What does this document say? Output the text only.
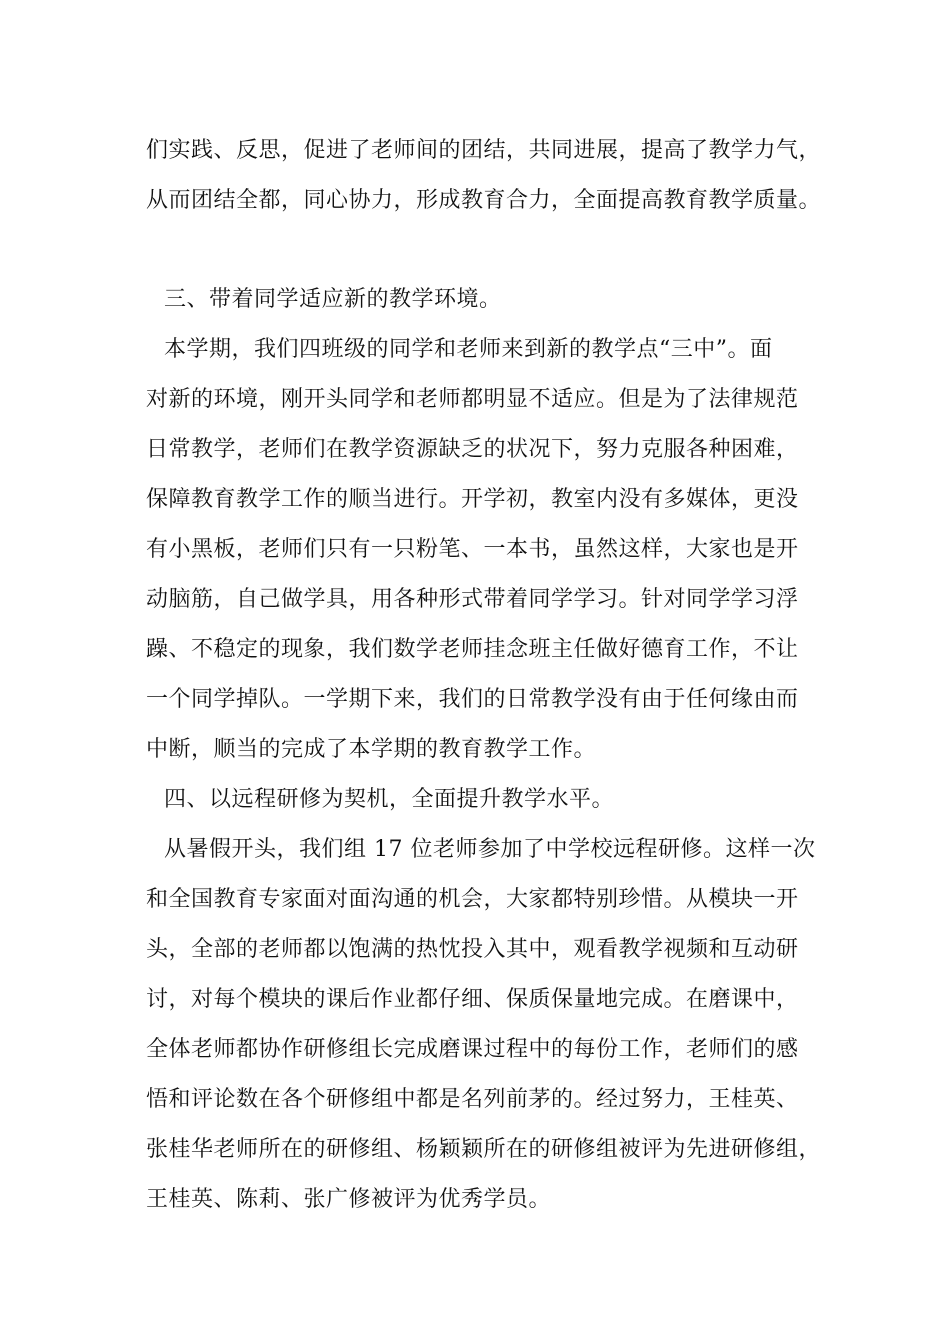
们实践、反思，促进了老师间的团结，共同进展，提高了教学力气，
从而团结全都，同心协力，形成教育合力，全面提高教育教学质量。
三、带着同学适应新的教学环境。
本学期，我们四班级的同学和老师来到新的教学点“三中”。面
对新的环境，刚开头同学和老师都明显不适应。但是为了法律规范
日常教学，老师们在教学资源缺乏的状况下，努力克服各种困难，
保障教育教学工作的顺当进行。开学初，教室内没有多媒体，更没
有小黑板，老师们只有一只粉笔、一本书，虽然这样，大家也是开
动脑筋，自己做学具，用各种形式带着同学学习。针对同学学习浮
躁、不稳定的现象，我们数学老师挂念班主任做好德育工作，不让
一个同学掉队。一学期下来，我们的日常教学没有由于任何缘由而
中断，顺当的完成了本学期的教育教学工作。
四、以远程研修为契机，全面提升教学水平。
从暑假开头，我们组 17 位老师参加了中学校远程研修。这样一次
和全国教育专家面对面沟通的机会，大家都特别珍惜。从模块一开
头，全部的老师都以饱满的热忱投入其中，观看教学视频和互动研
讨，对每个模块的课后作业都仔细、保质保量地完成。在磨课中，
全体老师都协作研修组长完成磨课过程中的每份工作，老师们的感
悟和评论数在各个研修组中都是名列前茅的。经过努力，王桂英、
张桂华老师所在的研修组、杨颖颖所在的研修组被评为先进研修组，
王桂英、陈莉、张广修被评为优秀学员。
